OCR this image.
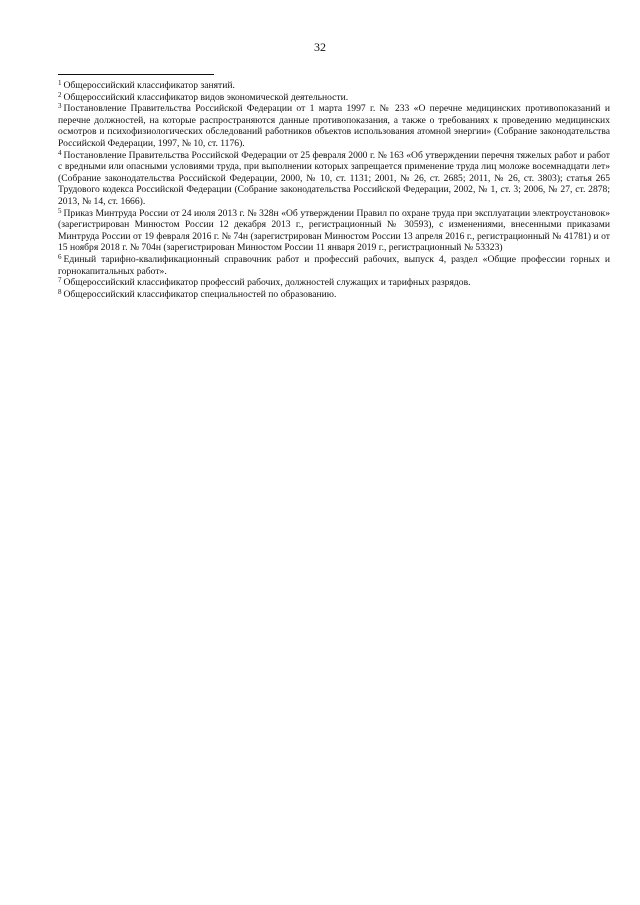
32

$^1$ Общероссийский классификатор занятий.

$^2$ Общероссийский классификатор видов экономической деятельности.

$^3$ Постановление Правительства Российской Федерации от 1 марта 1997 г. № 233 «О перечне медицинских противопоказаний и перечне должностей, на которые распространяются данные противопоказания, а также о требованиях к проведению медицинских осмотров и психофизиологических обследований работников объектов использования атомной энергии» (Собрание законодательства Российской Федерации, 1997, № 10, ст. 1176).

$^4$ Постановление Правительства Российской Федерации от 25 февраля 2000 г. № 163 «Об утверждении перечня тяжелых работ и работ с вредными или опасными условиями труда, при выполнении которых запрещается применение труда лиц моложе восемнадцати лет» (Собрание законодательства Российской Федерации, 2000, № 10, ст. 1131; 2001, № 26, ст. 2685; 2011, № 26, ст. 3803); статья 265 Трудового кодекса Российской Федерации (Собрание законодательства Российской Федерации, 2002, № 1, ст. 3; 2006, № 27, ст. 2878; 2013, № 14, ст. 1666).

$^5$ Приказ Минтруда России от 24 июля 2013 г. № 328н «Об утверждении Правил по охране труда при эксплуатации электроустановок» (зарегистрирован Минюстом России 12 декабря 2013 г., регистрационный № 30593), с изменениями, внесенными приказами Минтруда России от 19 февраля 2016 г. № 74н (зарегистрирован Минюстом России 13 апреля 2016 г., регистрационный № 41781) и от 15 ноября 2018 г. № 704н (зарегистрирован Минюстом России 11 января 2019 г., регистрационный № 53323)

$^6$ Единый тарифно-квалификационный справочник работ и профессий рабочих, выпуск 4, раздел «Общие профессии горных и горнокапитальных работ».

$^7$ Общероссийский классификатор профессий рабочих, должностей служащих и тарифных разрядов.

$^8$ Общероссийский классификатор специальностей по образованию.
